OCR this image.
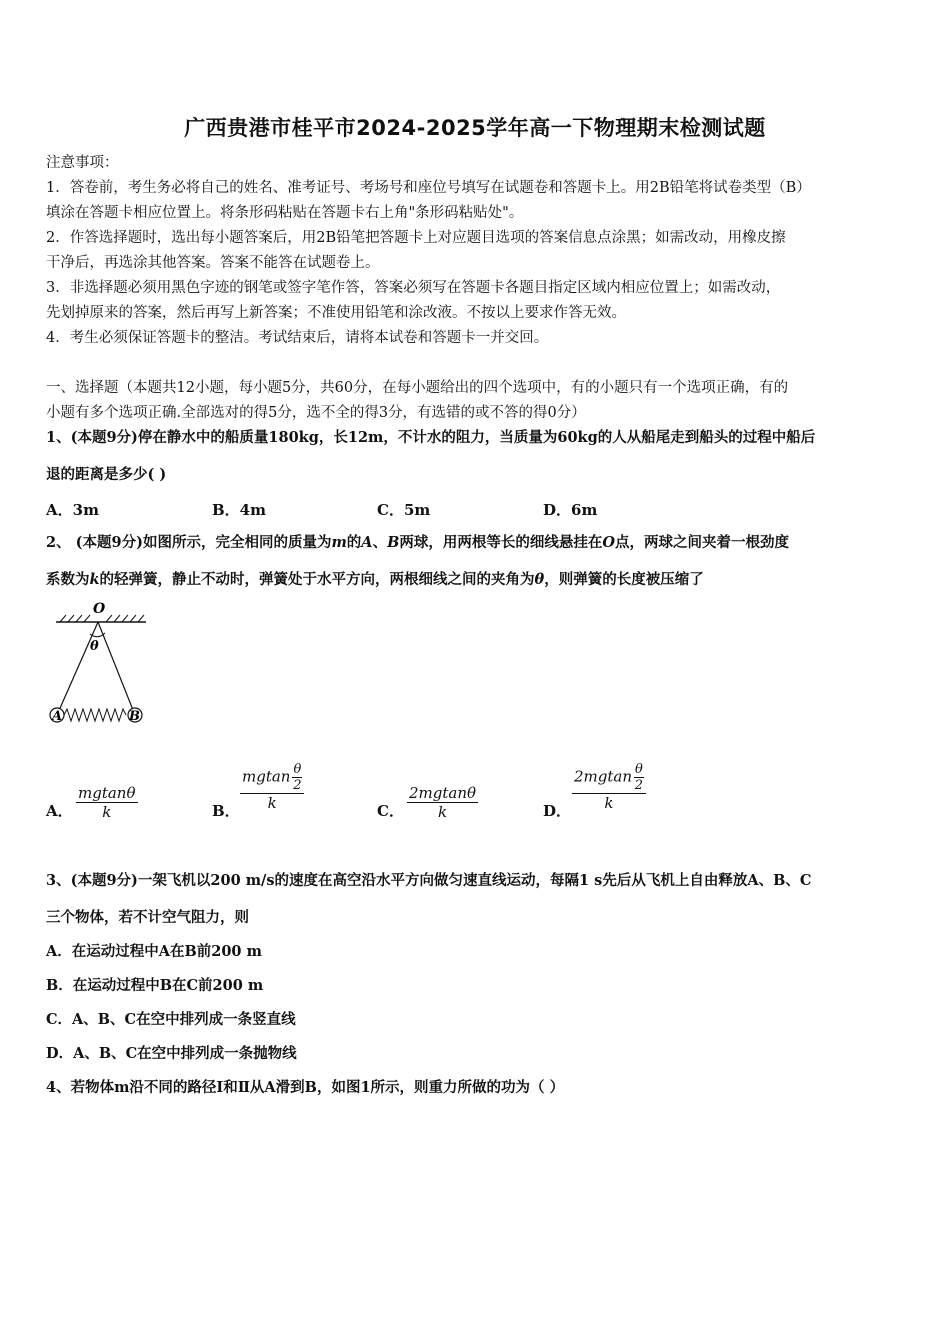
广西贵港市桂平市2024-2025学年高一下物理期末检测试题
注意事项：
1．答卷前，考生务必将自己的姓名、准考证号、考场号和座位号填写在试题卷和答题卡上。用2B铅笔将试卷类型（B）
填涂在答题卡相应位置上。将条形码粘贴在答题卡右上角"条形码粘贴处"。
2．作答选择题时，选出每小题答案后，用2B铅笔把答题卡上对应题目选项的答案信息点涂黑；如需改动，用橡皮擦
干净后，再选涂其他答案。答案不能答在试题卷上。
3．非选择题必须用黑色字迹的钢笔或签字笔作答，答案必须写在答题卡各题目指定区域内相应位置上；如需改动，
先划掉原来的答案，然后再写上新答案；不准使用铅笔和涂改液。不按以上要求作答无效。
4．考生必须保证答题卡的整洁。考试结束后，请将本试卷和答题卡一并交回。
一、选择题（本题共12小题，每小题5分，共60分，在每小题给出的四个选项中，有的小题只有一个选项正确，有的
小题有多个选项正确.全部选对的得5分，选不全的得3分，有选错的或不答的得0分）
1、(本题9分)停在静水中的船质量180kg，长12m，不计水的阻力，当质量为60kg的人从船尾走到船头的过程中船后
退的距离是多少( )
A．3m	B．4m	C．5m	D．6m
2、 (本题9分)如图所示，完全相同的质量为m的A、B两球，用两根等长的细线悬挂在O点，两球之间夹着一根劲度
系数为k的轻弹簧，静止不动时，弹簧处于水平方向，两根细线之间的夹角为θ，则弹簧的长度被压缩了
O
θ
A	B
A． $\frac{mgtan\theta}{k}$	B． $\frac{mgtan \frac{\theta}{2}}{k}$	C． $\frac{2mgtan\theta}{k}$	D． $\frac{2mgtan \frac{\theta}{2}}{k}$
3、(本题9分)一架飞机以200 m/s的速度在高空沿水平方向做匀速直线运动，每隔1 s先后从飞机上自由释放A、B、C
三个物体，若不计空气阻力，则
A．在运动过程中A在B前200 m
B．在运动过程中B在C前200 m
C．A、B、C在空中排列成一条竖直线
D．A、B、C在空中排列成一条抛物线
4、若物体m沿不同的路径Ⅰ和Ⅱ从A滑到B，如图1所示，则重力所做的功为（ ）
